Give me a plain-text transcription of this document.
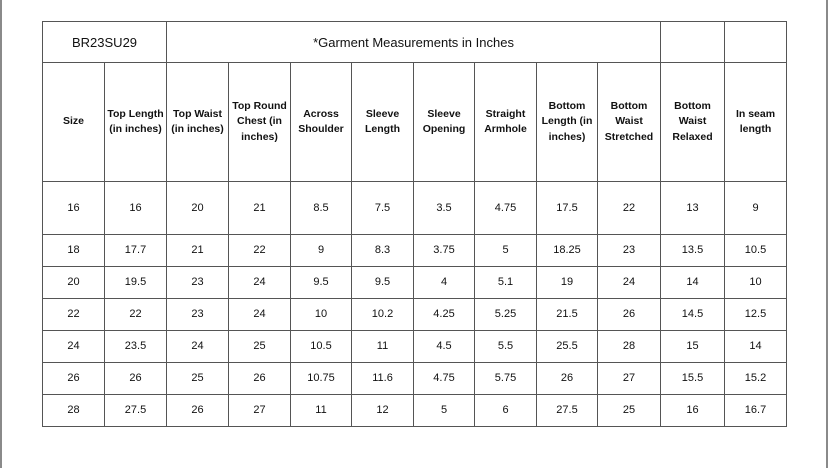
BR23SU29		*Garment Measurements in Inches									
Size	Top Length (in inches)	Top Waist (in inches)	Top Round Chest (in inches)	Across Shoulder	Sleeve Length	Sleeve Opening	Straight Armhole	Bottom Length (in inches)	Bottom Waist Stretched	Bottom Waist Relaxed	In seam length
16	16	20	21	8.5	7.5	3.5	4.75	17.5	22	13	9
18	17.7	21	22	9	8.3	3.75	5	18.25	23	13.5	10.5
20	19.5	23	24	9.5	9.5	4	5.1	19	24	14	10
22	22	23	24	10	10.2	4.25	5.25	21.5	26	14.5	12.5
24	23.5	24	25	10.5	11	4.5	5.5	25.5	28	15	14
26	26	25	26	10.75	11.6	4.75	5.75	26	27	15.5	15.2
28	27.5	26	27	11	12	5	6	27.5	25	16	16.7
